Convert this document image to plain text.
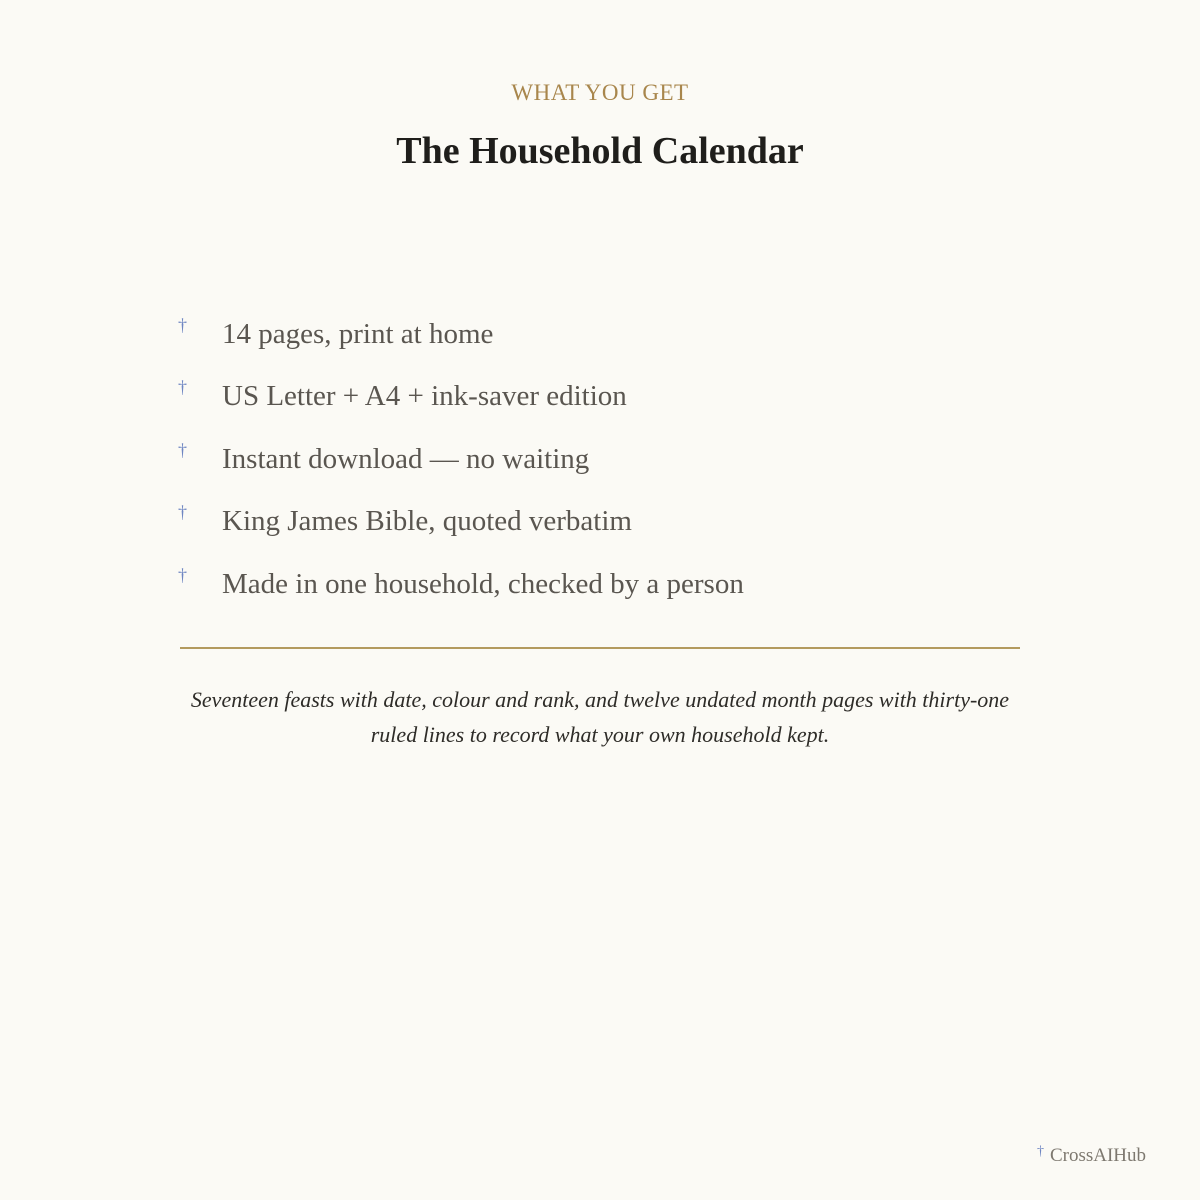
WHAT YOU GET
The Household Calendar
† 14 pages, print at home
† US Letter + A4 + ink-saver edition
† Instant download — no waiting
† King James Bible, quoted verbatim
† Made in one household, checked by a person

Seventeen feasts with date, colour and rank, and twelve undated month pages with thirty-one ruled lines to record what your own household kept.

† CrossAIHub
